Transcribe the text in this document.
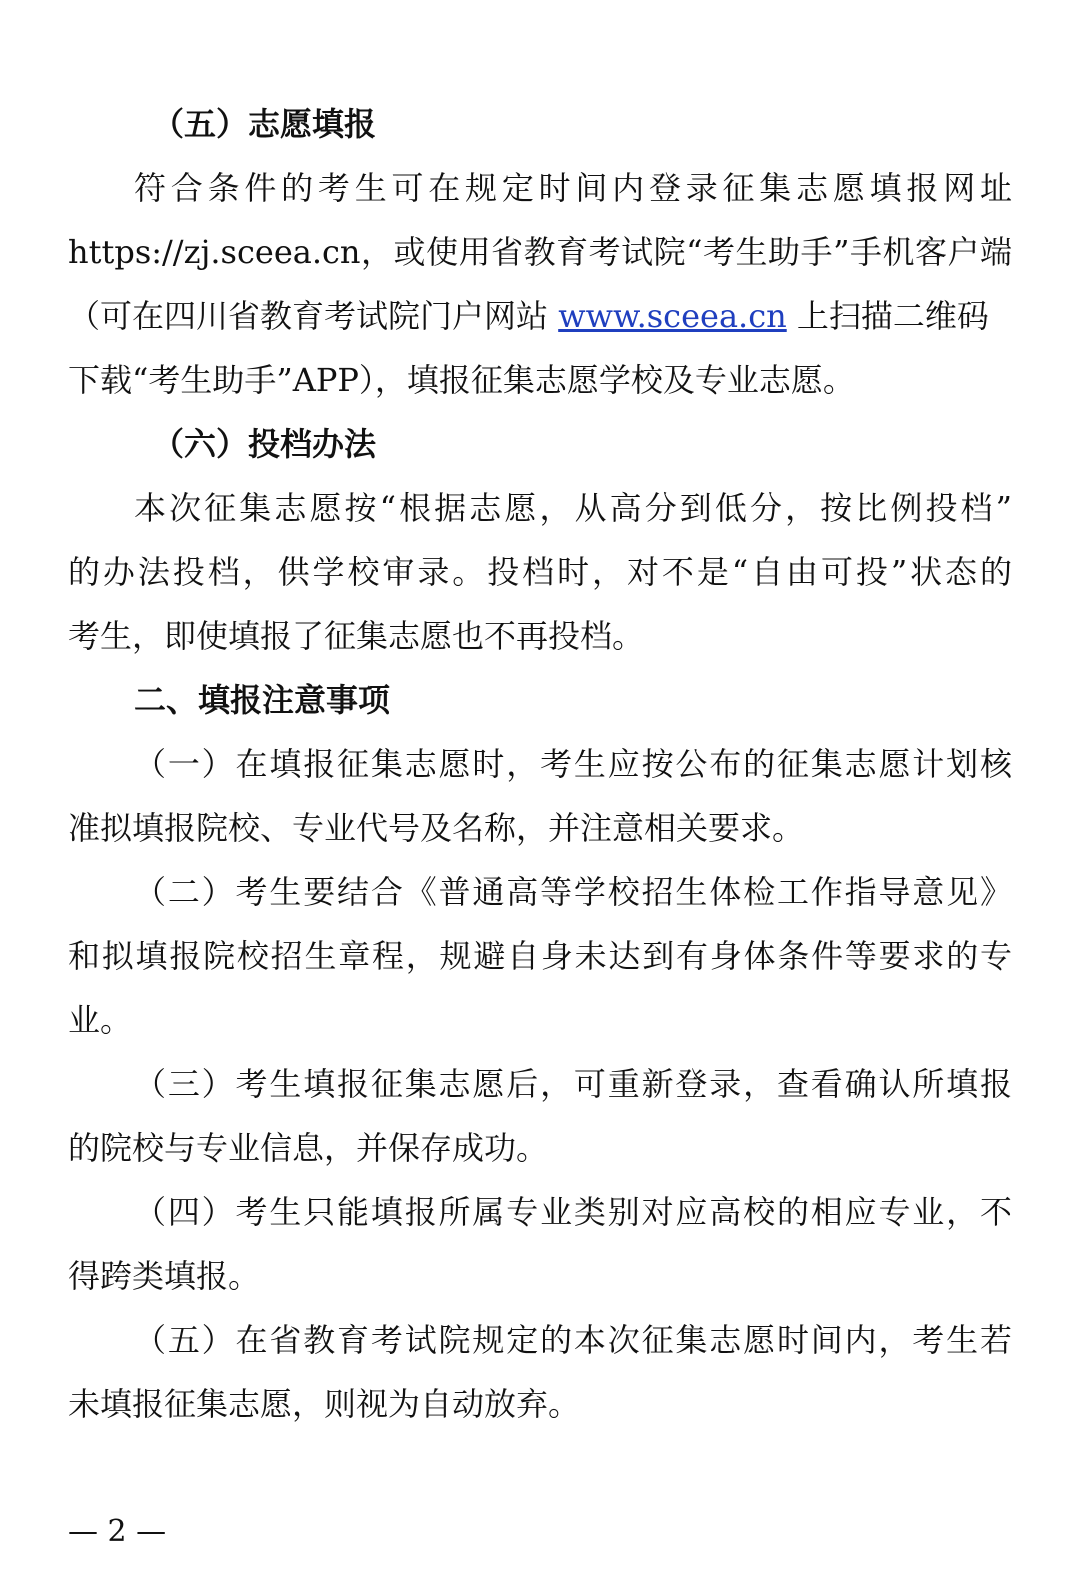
（五）志愿填报
符合条件的考生可在规定时间内登录征集志愿填报网址
https://zj.sceea.cn，或使用省教育考试院“考生助手”手机客户端
（可在四川省教育考试院门户网站 www.sceea.cn 上扫描二维码
下载“考生助手”APP），填报征集志愿学校及专业志愿。
（六）投档办法
本次征集志愿按“根据志愿，从高分到低分，按比例投档”
的办法投档，供学校审录。投档时，对不是“自由可投”状态的
考生，即使填报了征集志愿也不再投档。
二、填报注意事项
（一）在填报征集志愿时，考生应按公布的征集志愿计划核
准拟填报院校、专业代号及名称，并注意相关要求。
（二）考生要结合《普通高等学校招生体检工作指导意见》
和拟填报院校招生章程，规避自身未达到有身体条件等要求的专
业。
（三）考生填报征集志愿后，可重新登录，查看确认所填报
的院校与专业信息，并保存成功。
（四）考生只能填报所属专业类别对应高校的相应专业，不
得跨类填报。
（五）在省教育考试院规定的本次征集志愿时间内，考生若
未填报征集志愿，则视为自动放弃。
— 2 —
